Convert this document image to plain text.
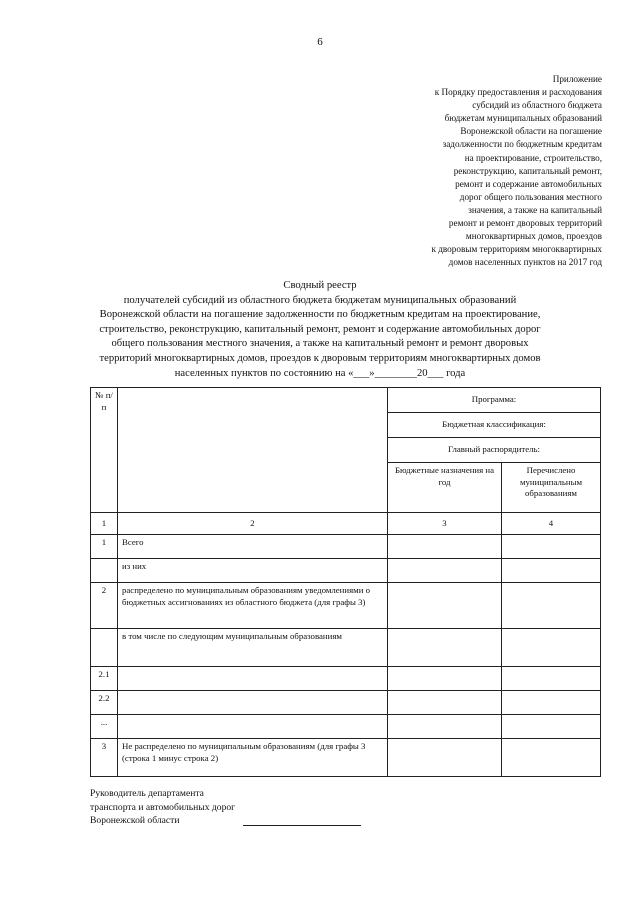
6
Приложение
к Порядку предоставления и расходования
субсидий из областного бюджета
бюджетам муниципальных образований
Воронежской области на погашение
задолженности по бюджетным кредитам
на проектирование, строительство,
реконструкцию, капитальный ремонт,
ремонт и содержание автомобильных
дорог общего пользования местного
значения, а также на капитальный
ремонт и ремонт дворовых территорий
многоквартирных домов, проездов
к дворовым территориям многоквартирных
домов населенных пунктов на 2017 год
Сводный реестр
получателей субсидий из областного бюджета бюджетам муниципальных образований
Воронежской области на погашение задолженности по бюджетным кредитам на проектирование,
строительство, реконструкцию, капитальный ремонт, ремонт и содержание автомобильных дорог
общего пользования местного значения, а также на капитальный ремонт и ремонт дворовых
территорий многоквартирных домов, проездов к дворовым территориям многоквартирных домов
населенных пунктов по состоянию на «___»________20___ года
№ п/п		Программа:	
		Бюджетная классификация:	
		Главный распорядитель:	
		Бюджетные назначения на год	Перечислено муниципальным образованиям
1	2	3	4
1	Всего		
	из них		
2	распределено по муниципальным образованиям уведомлениями о бюджетных ассигнованиях из областного бюджета (для графы 3)		
	в том числе по следующим муниципальным образованиям		
2.1			
2.2			
...			
3	Не распределено по муниципальным образованиям (для графы 3 (строка 1 минус строка 2)		
Руководитель департамента
транспорта и автомобильных дорог
Воронежской области
